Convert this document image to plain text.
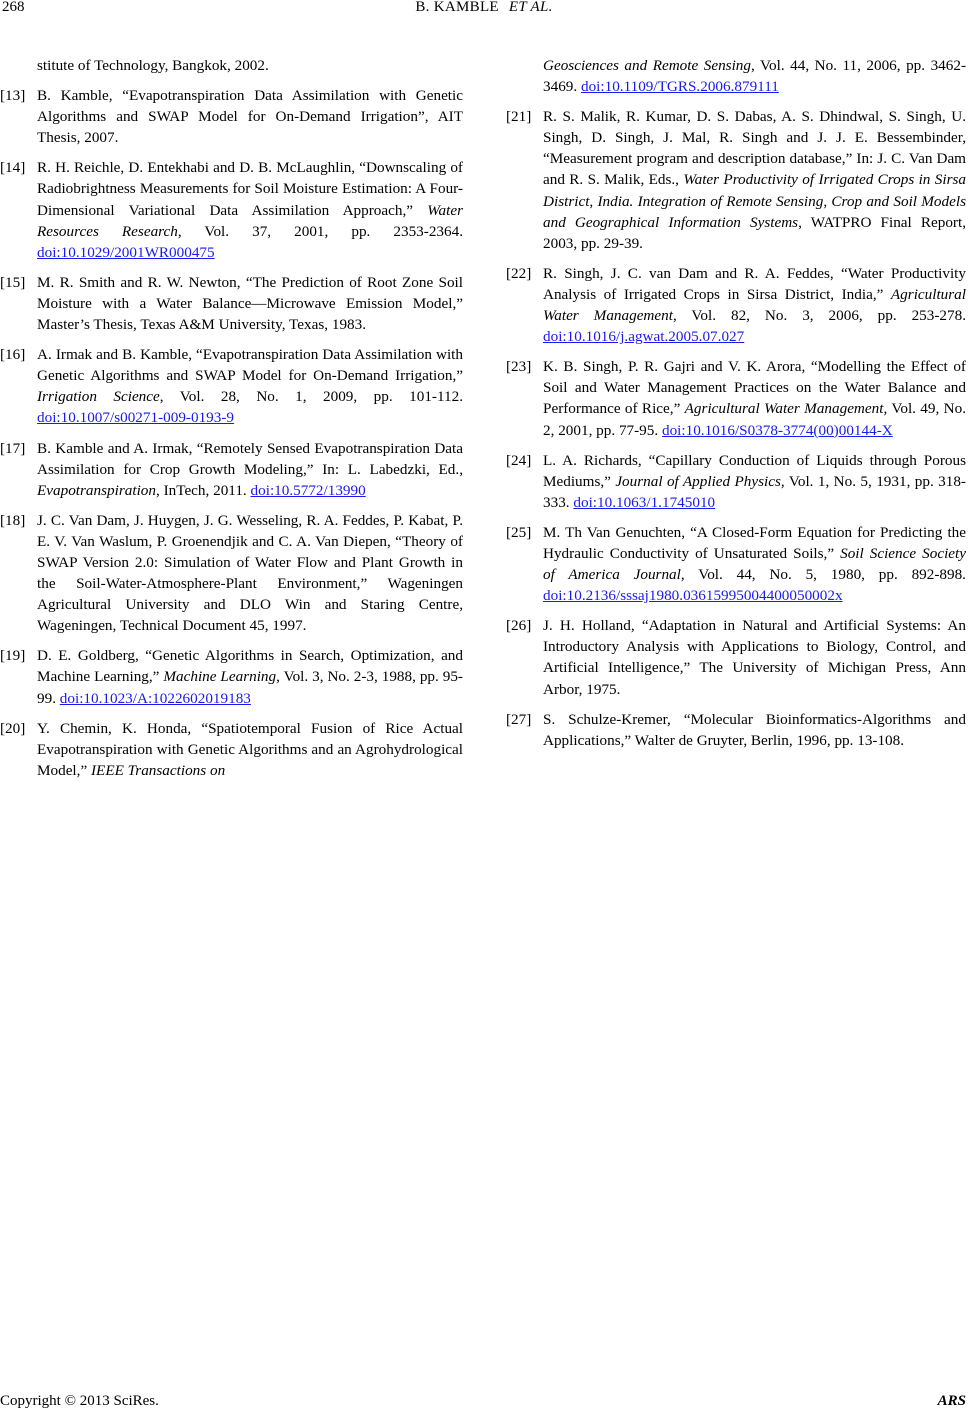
268	B. KAMBLE ET AL.

stitute of Technology, Bangkok, 2002.

[13] B. Kamble, “Evapotranspiration Data Assimilation with Genetic Algorithms and SWAP Model for On-Demand Irrigation”, AIT Thesis, 2007.
[14] R. H. Reichle, D. Entekhabi and D. B. McLaughlin, “Downscaling of Radiobrightness Measurements for Soil Moisture Estimation: A Four-Dimensional Variational Data Assimilation Approach,” Water Resources Research, Vol. 37, 2001, pp. 2353-2364. doi:10.1029/2001WR000475
[15] M. R. Smith and R. W. Newton, “The Prediction of Root Zone Soil Moisture with a Water Balance—Microwave Emission Model,” Master’s Thesis, Texas A&M University, Texas, 1983.
[16] A. Irmak and B. Kamble, “Evapotranspiration Data Assimilation with Genetic Algorithms and SWAP Model for On-Demand Irrigation,” Irrigation Science, Vol. 28, No. 1, 2009, pp. 101-112. doi:10.1007/s00271-009-0193-9
[17] B. Kamble and A. Irmak, “Remotely Sensed Evapotranspiration Data Assimilation for Crop Growth Modeling,” In: L. Labedzki, Ed., Evapotranspiration, InTech, 2011. doi:10.5772/13990
[18] J. C. Van Dam, J. Huygen, J. G. Wesseling, R. A. Feddes, P. Kabat, P. E. V. Van Waslum, P. Groenendjik and C. A. Van Diepen, “Theory of SWAP Version 2.0: Simulation of Water Flow and Plant Growth in the Soil-Water-Atmosphere-Plant Environment,” Wageningen Agricultural University and DLO Win and Staring Centre, Wageningen, Technical Document 45, 1997.
[19] D. E. Goldberg, “Genetic Algorithms in Search, Optimization, and Machine Learning,” Machine Learning, Vol. 3, No. 2-3, 1988, pp. 95-99. doi:10.1023/A:1022602019183
[20] Y. Chemin, K. Honda, “Spatiotemporal Fusion of Rice Actual Evapotranspiration with Genetic Algorithms and an Agrohydrological Model,” IEEE Transactions on

Geosciences and Remote Sensing, Vol. 44, No. 11, 2006, pp. 3462-3469. doi:10.1109/TGRS.2006.879111

[21] R. S. Malik, R. Kumar, D. S. Dabas, A. S. Dhindwal, S. Singh, U. Singh, D. Singh, J. Mal, R. Singh and J. J. E. Bessembinder, “Measurement program and description database,” In: J. C. Van Dam and R. S. Malik, Eds., Water Productivity of Irrigated Crops in Sirsa District, India. Integration of Remote Sensing, Crop and Soil Models and Geographical Information Systems, WATPRO Final Report, 2003, pp. 29-39.
[22] R. Singh, J. C. van Dam and R. A. Feddes, “Water Productivity Analysis of Irrigated Crops in Sirsa District, India,” Agricultural Water Management, Vol. 82, No. 3, 2006, pp. 253-278. doi:10.1016/j.agwat.2005.07.027
[23] K. B. Singh, P. R. Gajri and V. K. Arora, “Modelling the Effect of Soil and Water Management Practices on the Water Balance and Performance of Rice,” Agricultural Water Management, Vol. 49, No. 2, 2001, pp. 77-95. doi:10.1016/S0378-3774(00)00144-X
[24] L. A. Richards, “Capillary Conduction of Liquids through Porous Mediums,” Journal of Applied Physics, Vol. 1, No. 5, 1931, pp. 318-333. doi:10.1063/1.1745010
[25] M. Th Van Genuchten, “A Closed-Form Equation for Predicting the Hydraulic Conductivity of Unsaturated Soils,” Soil Science Society of America Journal, Vol. 44, No. 5, 1980, pp. 892-898. doi:10.2136/sssaj1980.03615995004400050002x
[26] J. H. Holland, “Adaptation in Natural and Artificial Systems: An Introductory Analysis with Applications to Biology, Control, and Artificial Intelligence,” The University of Michigan Press, Ann Arbor, 1975.
[27] S. Schulze-Kremer, “Molecular Bioinformatics-Algorithms and Applications,” Walter de Gruyter, Berlin, 1996, pp. 13-108.
Copyright © 2013 SciRes.	ARS
